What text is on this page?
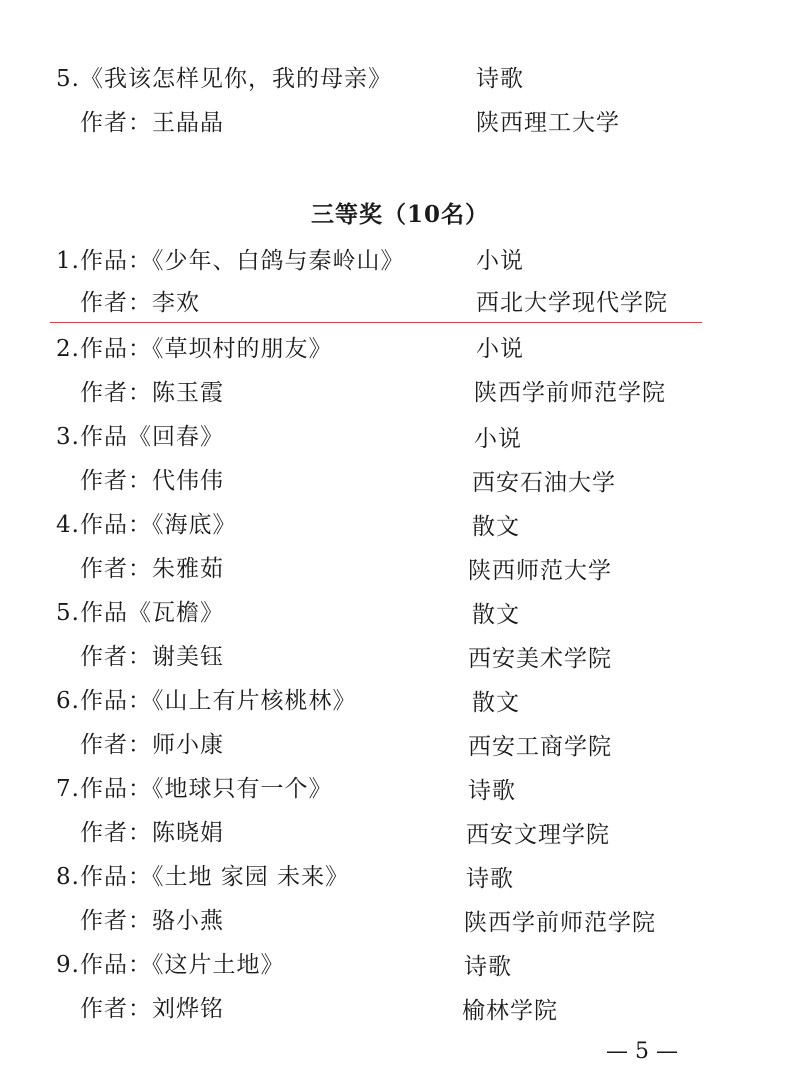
5.《我该怎样见你，我的母亲》	诗歌
作者：王晶晶	陕西理工大学
三等奖（10名）
1.作品：《少年、白鸽与秦岭山》	小说
作者：李欢	西北大学现代学院
2.作品：《草坝村的朋友》	小说
作者：陈玉霞	陕西学前师范学院
3.作品《回春》	小说
作者：代伟伟	西安石油大学
4.作品：《海底》	散文
作者：朱雅茹	陕西师范大学
5.作品《瓦檐》	散文
作者：谢美钰	西安美术学院
6.作品：《山上有片核桃林》	散文
作者：师小康	西安工商学院
7.作品：《地球只有一个》	诗歌
作者：陈晓娟	西安文理学院
8.作品：《土地 家园 未来》	诗歌
作者：骆小燕	陕西学前师范学院
9.作品：《这片土地》	诗歌
作者：刘烨铭	榆林学院
— 5 —
